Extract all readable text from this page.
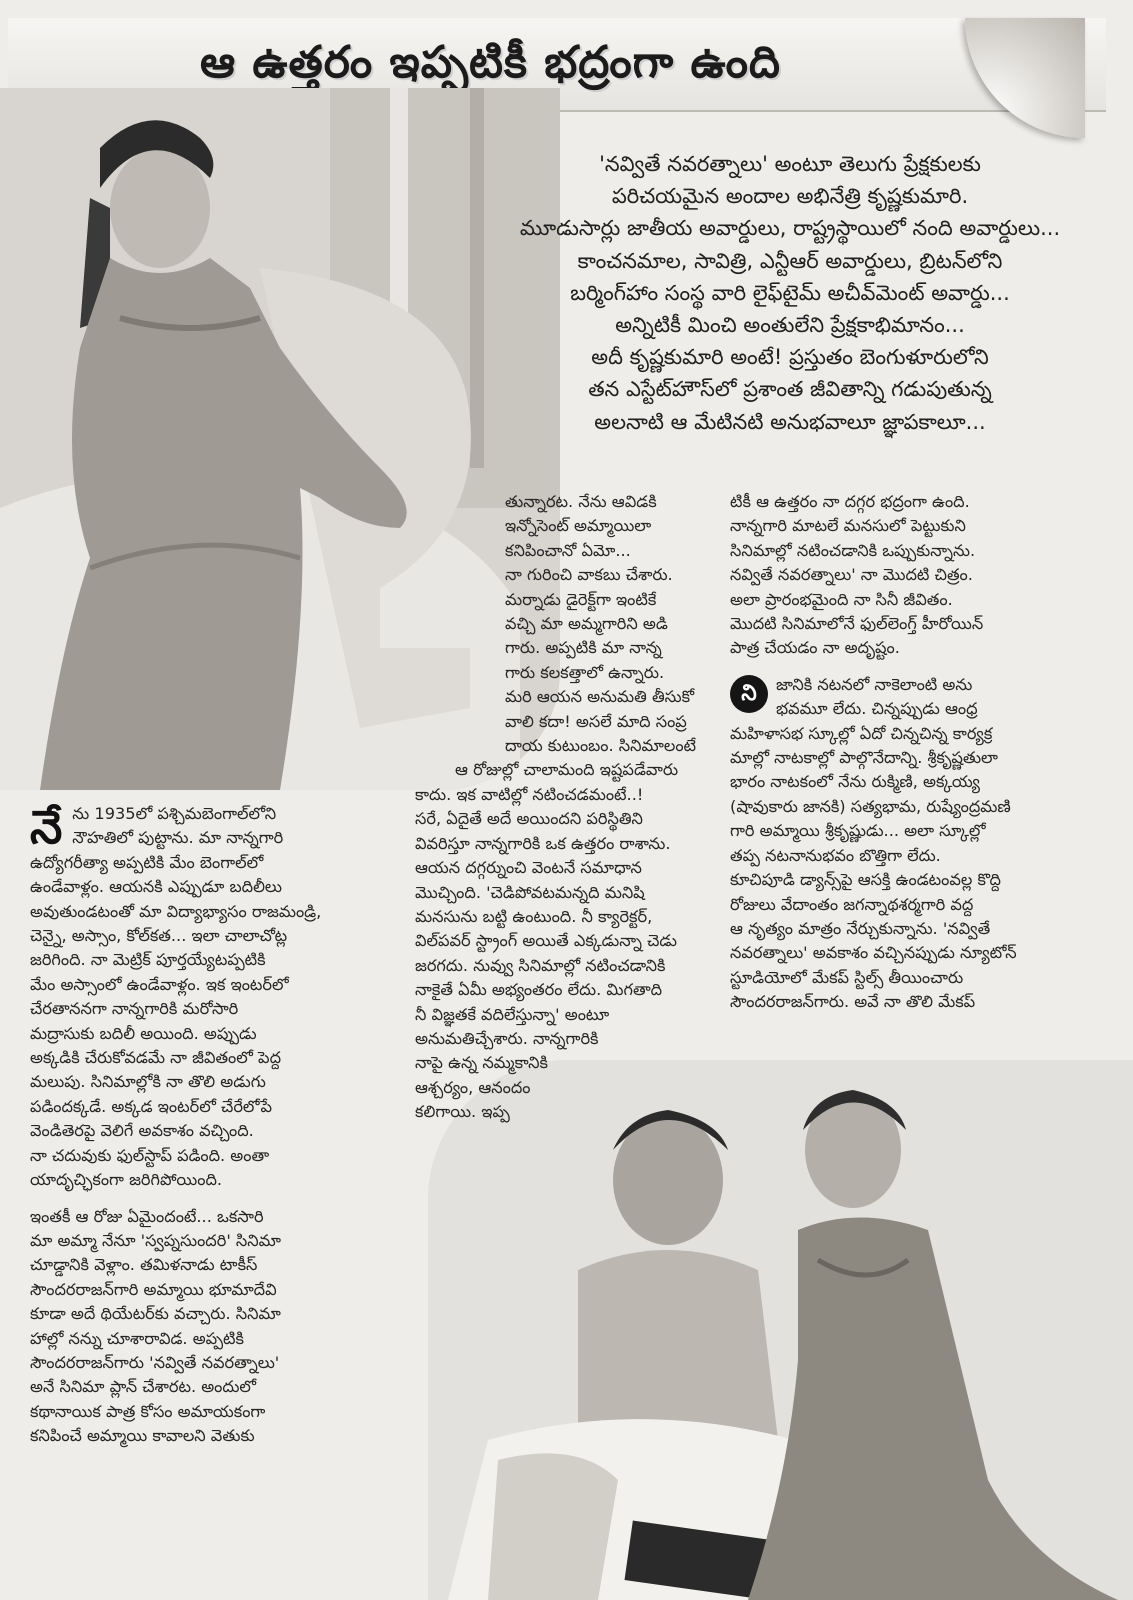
ఆ ఉత్తరం ఇప్పటికీ భద్రంగా ఉంది
'నవ్వితే నవరత్నాలు' అంటూ తెలుగు ప్రేక్షకులకు
పరిచయమైన అందాల అభినేత్రి కృష్ణకుమారి.
మూడుసార్లు జాతీయ అవార్డులు, రాష్ట్రస్థాయిలో నంది అవార్డులు...
కాంచనమాల, సావిత్రి, ఎన్టీఆర్ అవార్డులు, బ్రిటన్‌లోని
బర్మింగ్‌హాం సంస్థ వారి లైఫ్‌టైమ్ అచీవ్‌మెంట్ అవార్డు...
అన్నిటికీ మించి అంతులేని ప్రేక్షకాభిమానం...
అదీ కృష్ణకుమారి అంటే! ప్రస్తుతం బెంగుళూరులోని
తన ఎస్టేట్‌హౌస్‌లో ప్రశాంత జీవితాన్ని గడుపుతున్న
అలనాటి ఆ మేటినటి అనుభవాలూ జ్ఞాపకాలూ...
నే ను 1935లో పశ్చిమబెంగాల్‌లోని
నౌహతిలో పుట్టాను. మా నాన్నగారి
ఉద్యోగరీత్యా అప్పటికి మేం బెంగాల్‌లో
ఉండేవాళ్లం. ఆయనకి ఎప్పుడూ బదిలీలు
అవుతుండటంతో మా విద్యాభ్యాసం రాజమండ్రి,
చెన్నై, అస్సాం, కోల్‌కత... ఇలా చాలాచోట్ల
జరిగింది. నా మెట్రిక్ పూర్తయ్యేటప్పటికి
మేం అస్సాంలో ఉండేవాళ్లం. ఇక ఇంటర్‌లో
చేరతాననగా నాన్నగారికి మరోసారి
మద్రాసుకు బదిలీ అయింది. అప్పుడు
అక్కడికి చేరుకోవడమే నా జీవితంలో పెద్ద
మలుపు. సినిమాల్లోకి నా తొలి అడుగు
పడిందక్కడే. అక్కడ ఇంటర్‌లో చేరేలోపే
వెండితెరపై వెలిగే అవకాశం వచ్చింది.
నా చదువుకు ఫుల్‌స్టాప్ పడింది. అంతా
యాదృచ్ఛికంగా జరిగిపోయింది.
ఇంతకీ ఆ రోజు ఏమైందంటే... ఒకసారి
మా అమ్మా నేనూ 'స్వప్నసుందరి' సినిమా
చూడ్డానికి వెళ్లాం. తమిళనాడు టాకీస్
సౌందరరాజన్‌గారి అమ్మాయి భూమాదేవి
కూడా అదే థియేటర్‌కు వచ్చారు. సినిమా
హాల్లో నన్ను చూశారావిడ. అప్పటికి
సౌందరరాజన్‌గారు 'నవ్వితే నవరత్నాలు'
అనే సినిమా ప్లాన్ చేశారట. అందులో
కథానాయిక పాత్ర కోసం అమాయకంగా
కనిపించే అమ్మాయి కావాలని వెతుకు
తున్నారట. నేను ఆవిడకి
ఇన్నోసెంట్ అమ్మాయిలా
కనిపించానో ఏమో...
నా గురించి వాకబు చేశారు.
మర్నాడు డైరెక్ట్‌గా ఇంటికే
వచ్చి మా అమ్మగారిని అడి
గారు. అప్పటికి మా నాన్న
గారు కలకత్తాలో ఉన్నారు.
మరి ఆయన అనుమతి తీసుకో
వాలి కదా! అసలే మాది సంప్ర
దాయ కుటుంబం. సినిమాలంటే
ఆ రోజుల్లో చాలామంది ఇష్టపడేవారు
కాదు. ఇక వాటిల్లో నటించడమంటే..!
సరే, ఏదైతే అదే అయిందని పరిస్థితిని
వివరిస్తూ నాన్నగారికి ఒక ఉత్తరం రాశాను.
ఆయన దగ్గర్నుంచి వెంటనే సమాధాన
మొచ్చింది. 'చెడిపోవటమన్నది మనిషి
మనసును బట్టి ఉంటుంది. నీ క్యారెక్టర్,
విల్‌పవర్ స్ట్రాంగ్ అయితే ఎక్కడున్నా చెడు
జరగదు. నువ్వు సినిమాల్లో నటించడానికి
నాకైతే ఏమీ అభ్యంతరం లేదు. మిగతాది
నీ విజ్ఞతకే వదిలేస్తున్నా' అంటూ
అనుమతిచ్చేశారు. నాన్నగారికి
నాపై ఉన్న నమ్మకానికి
ఆశ్చర్యం, ఆనందం
కలిగాయి. ఇప్ప
టికీ ఆ ఉత్తరం నా దగ్గర భద్రంగా ఉంది.
నాన్నగారి మాటలే మనసులో పెట్టుకుని
సినిమాల్లో నటించడానికి ఒప్పుకున్నాను.
నవ్వితే నవరత్నాలు' నా మొదటి చిత్రం.
అలా ప్రారంభమైంది నా సినీ జీవితం.
మొదటి సినిమాలోనే ఫుల్‌లెంగ్త్ హీరోయిన్
పాత్ర చేయడం నా అదృష్టం.
ని	జానికి నటనలో నాకెలాంటి అను
భవమూ లేదు. చిన్నప్పుడు ఆంధ్ర
మహిళాసభ స్కూల్లో ఏదో చిన్నచిన్న కార్యక్ర
మాల్లో నాటకాల్లో పాల్గొనేదాన్ని. శ్రీకృష్ణతులా
భారం నాటకంలో నేను రుక్మిణి, అక్కయ్య
(షావుకారు జానకి) సత్యభామ, రుష్యేంద్రమణి
గారి అమ్మాయి శ్రీకృష్ణుడు... అలా స్కూల్లో
తప్ప నటనానుభవం బొత్తిగా లేదు.
కూచిపూడి డ్యాన్స్‌పై ఆసక్తి ఉండటంవల్ల కొద్ది
రోజులు వేదాంతం జగన్నాథశర్మగారి వద్ద
ఆ నృత్యం మాత్రం నేర్చుకున్నాను. 'నవ్వితే
నవరత్నాలు' అవకాశం వచ్చినప్పుడు న్యూటోన్
స్టూడియోలో మేకప్ స్టిల్స్ తీయించారు
సౌందరరాజన్‌గారు. అవే నా తొలి మేకప్
